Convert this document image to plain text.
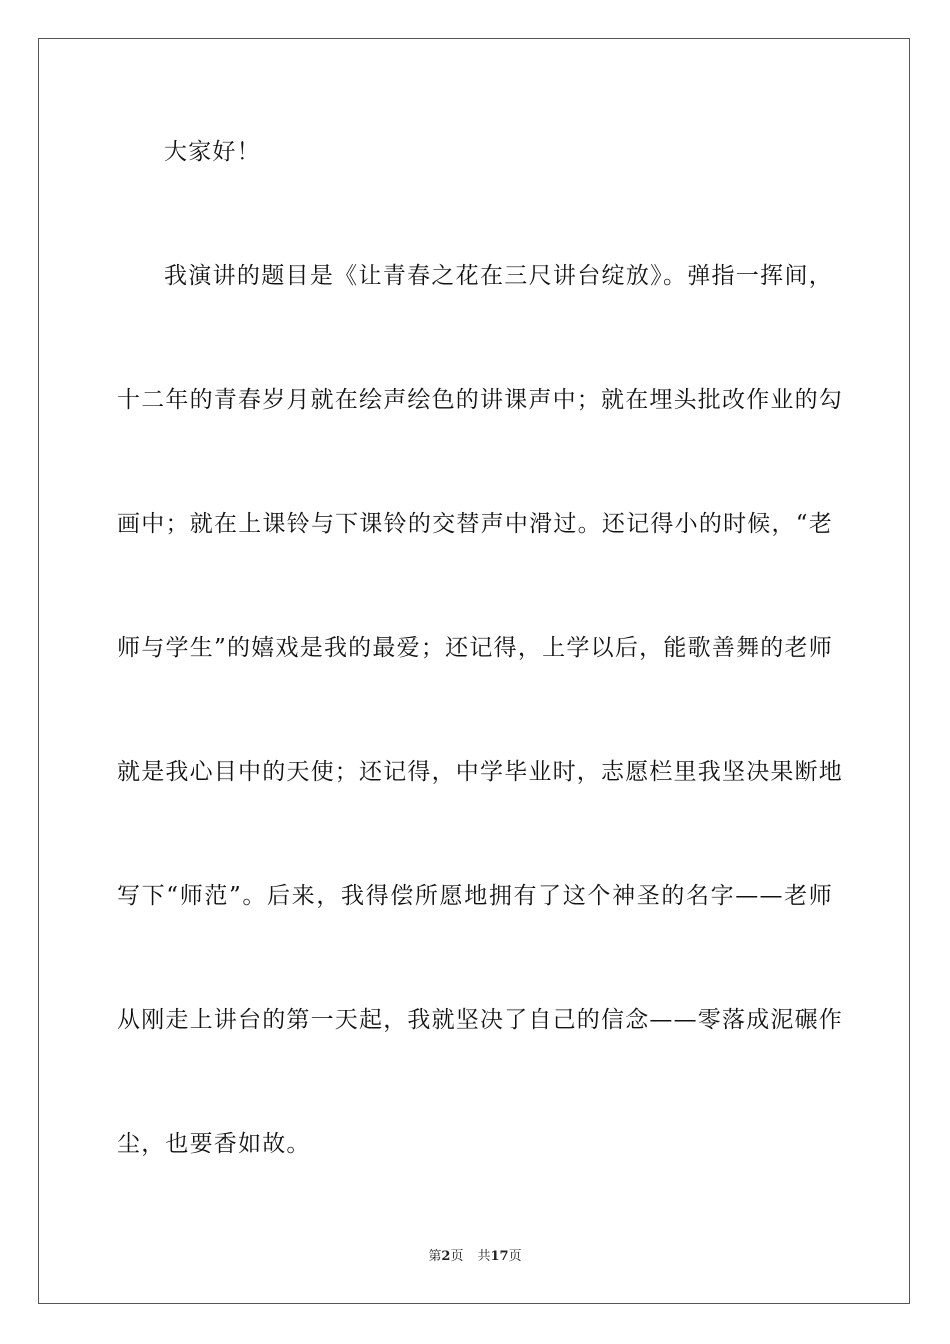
大家好！
我演讲的题目是《让青春之花在三尺讲台绽放》。弹指一挥间，
十二年的青春岁月就在绘声绘色的讲课声中；就在埋头批改作业的勾
画中；就在上课铃与下课铃的交替声中滑过。还记得小的时候，“老
师与学生”的嬉戏是我的最爱；还记得，上学以后，能歌善舞的老师
就是我心目中的天使；还记得，中学毕业时，志愿栏里我坚决果断地
写下“师范”。后来，我得偿所愿地拥有了这个神圣的名字——老师
从刚走上讲台的第一天起，我就坚决了自己的信念——零落成泥碾作
尘，也要香如故。
第2页 共17页
